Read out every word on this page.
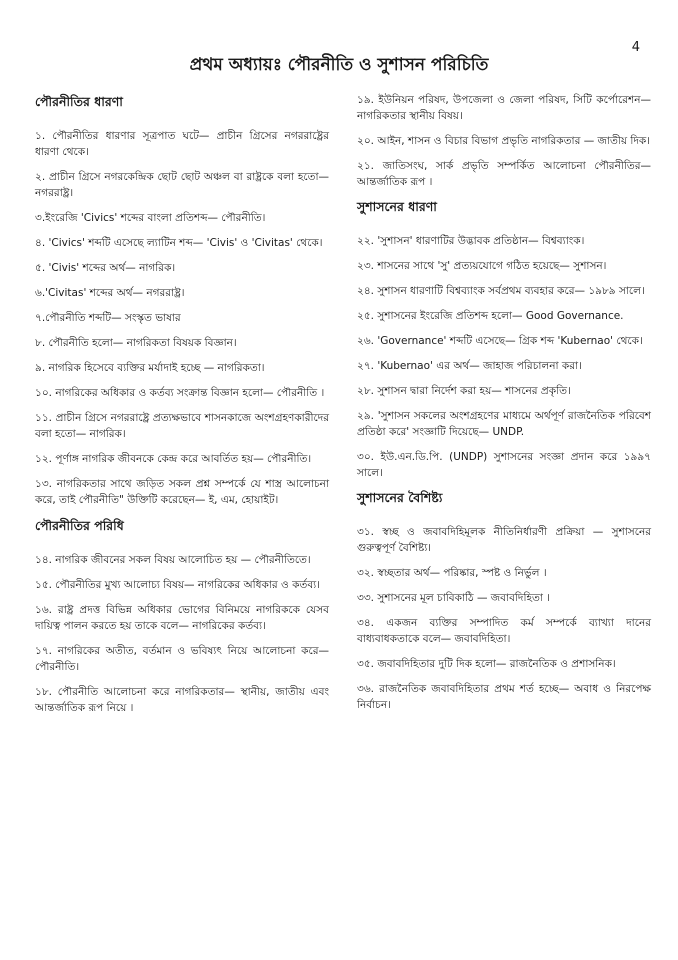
4
প্রথম অধ্যায়ঃ পৌরনীতি ও সুশাসন পরিচিতি
পৌরনীতির ধারণা

১. পৌরনীতির ধারণার সূত্রপাত ঘটে— প্রাচীন গ্রিসের নগররাষ্ট্রের ধারণা থেকে।

২. প্রাচীন গ্রিসে নগরকেন্দ্রিক ছোট ছোট অঞ্চল বা রাষ্ট্রকে বলা হতো— নগররাষ্ট্র।

৩.ইংরেজি 'Civics' শব্দের বাংলা প্রতিশব্দ— পৌরনীতি।

৪. 'Civics' শব্দটি এসেছে ল্যাটিন শব্দ— 'Civis' ও 'Civitas' থেকে।

৫. 'Civis' শব্দের অর্থ— নাগরিক।

৬.'Civitas' শব্দের অর্থ— নগররাষ্ট্র।

৭.পৌরনীতি শব্দটি— সংস্কৃত ভাষার

৮. পৌরনীতি হলো— নাগরিকতা বিষয়ক বিজ্ঞান।

৯. নাগরিক হিসেবে ব্যক্তির মর্যাদাই হচ্ছে — নাগরিকতা।

১০. নাগরিকের অধিকার ও কর্তব্য সংক্রান্ত বিজ্ঞান হলো— পৌরনীতি ।

১১. প্রাচীন গ্রিসে নগররাষ্ট্রে প্রত্যক্ষভাবে শাসনকাজে অংশগ্রহণকারীদের বলা হতো— নাগরিক।

১২. পূর্ণাঙ্গ নাগরিক জীবনকে কেন্দ্র করে আবর্তিত হয়— পৌরনীতি।

১৩. নাগরিকতার সাথে জড়িত সকল প্রশ্ন সম্পর্কে যে শাস্ত্র আলোচনা করে, তাই পৌরনীতি" উক্তিটি করেছেন— ই, এম, হোয়াইট।

পৌরনীতির পরিধি

১৪. নাগরিক জীবনের সকল বিষয় আলোচিত হয় — পৌরনীতিতে।

১৫. পৌরনীতির মুখ্য আলোচ্য বিষয়— নাগরিকের অধিকার ও কর্তব্য।

১৬. রাষ্ট্র প্রদত্ত বিভিন্ন অধিকার ভোগের বিনিময়ে নাগরিককে যেসব দায়িত্ব পালন করতে হয় তাকে বলে— নাগরিকের কর্তব্য।

১৭. নাগরিকের অতীত, বর্তমান ও ভবিষ্যৎ নিয়ে আলোচনা করে— পৌরনীতি।

১৮. পৌরনীতি আলোচনা করে নাগরিকতার— স্থানীয়, জাতীয় এবং আন্তর্জাতিক রূপ নিয়ে ।

১৯. ইউনিয়ন পরিষদ, উপজেলা ও জেলা পরিষদ, সিটি কর্পোরেশন— নাগরিকতার স্থানীয় বিষয়।

২০. আইন, শাসন ও বিচার বিভাগ প্রভৃতি নাগরিকতার — জাতীয় দিক।

২১. জাতিসংঘ, সার্ক প্রভৃতি সম্পর্কিত আলোচনা পৌরনীতির— আন্তর্জাতিক রূপ ।

সুশাসনের ধারণা

২২. 'সুশাসন' ধারণাটির উদ্ভাবক প্রতিষ্ঠান— বিশ্বব্যাংক।

২৩. শাসনের সাথে 'সু' প্রত্যয়যোগে গঠিত হয়েছে— সুশাসন।

২৪. সুশাসন ধারণাটি বিশ্বব্যাংক সর্বপ্রথম ব্যবহার করে— ১৯৮৯ সালে।

২৫. সুশাসনের ইংরেজি প্রতিশব্দ হলো— Good Governance.

২৬. 'Governance' শব্দটি এসেছে— গ্রিক শব্দ 'Kubernao' থেকে।

২৭. 'Kubernao' এর অর্থ— জাহাজ পরিচালনা করা।

২৮. সুশাসন দ্বারা নির্দেশ করা হয়— শাসনের প্রকৃতি।

২৯. 'সুশাসন সকলের অংশগ্রহণের মাধ্যমে অর্থপূর্ণ রাজনৈতিক পরিবেশ প্রতিষ্ঠা করে' সংজ্ঞাটি দিয়েছে— UNDP.

৩০. ইউ.এন.ডি.পি. (UNDP) সুশাসনের সংজ্ঞা প্রদান করে ১৯৯৭ সালে।

সুশাসনের বৈশিষ্ট্য

৩১. স্বচ্ছ ও জবাবদিহিমূলক নীতিনির্ধারণী প্রক্রিয়া — সুশাসনের গুরুত্বপূর্ণ বৈশিষ্ট্য।

৩২. স্বচ্ছতার অর্থ— পরিষ্কার, স্পষ্ট ও নির্ভুল ।

৩৩. সুশাসনের মূল চাবিকাঠি — জবাবদিহিতা ।

৩৪. একজন ব্যক্তির সম্পাদিত কর্ম সম্পর্কে ব্যাখ্যা দানের বাধ্যবাধকতাকে বলে— জবাবদিহিতা।

৩৫. জবাবদিহিতার দুটি দিক হলো— রাজনৈতিক ও প্রশাসনিক।

৩৬. রাজনৈতিক জবাবদিহিতার প্রথম শর্ত হচ্ছে— অবাধ ও নিরপেক্ষ নির্বাচন।
